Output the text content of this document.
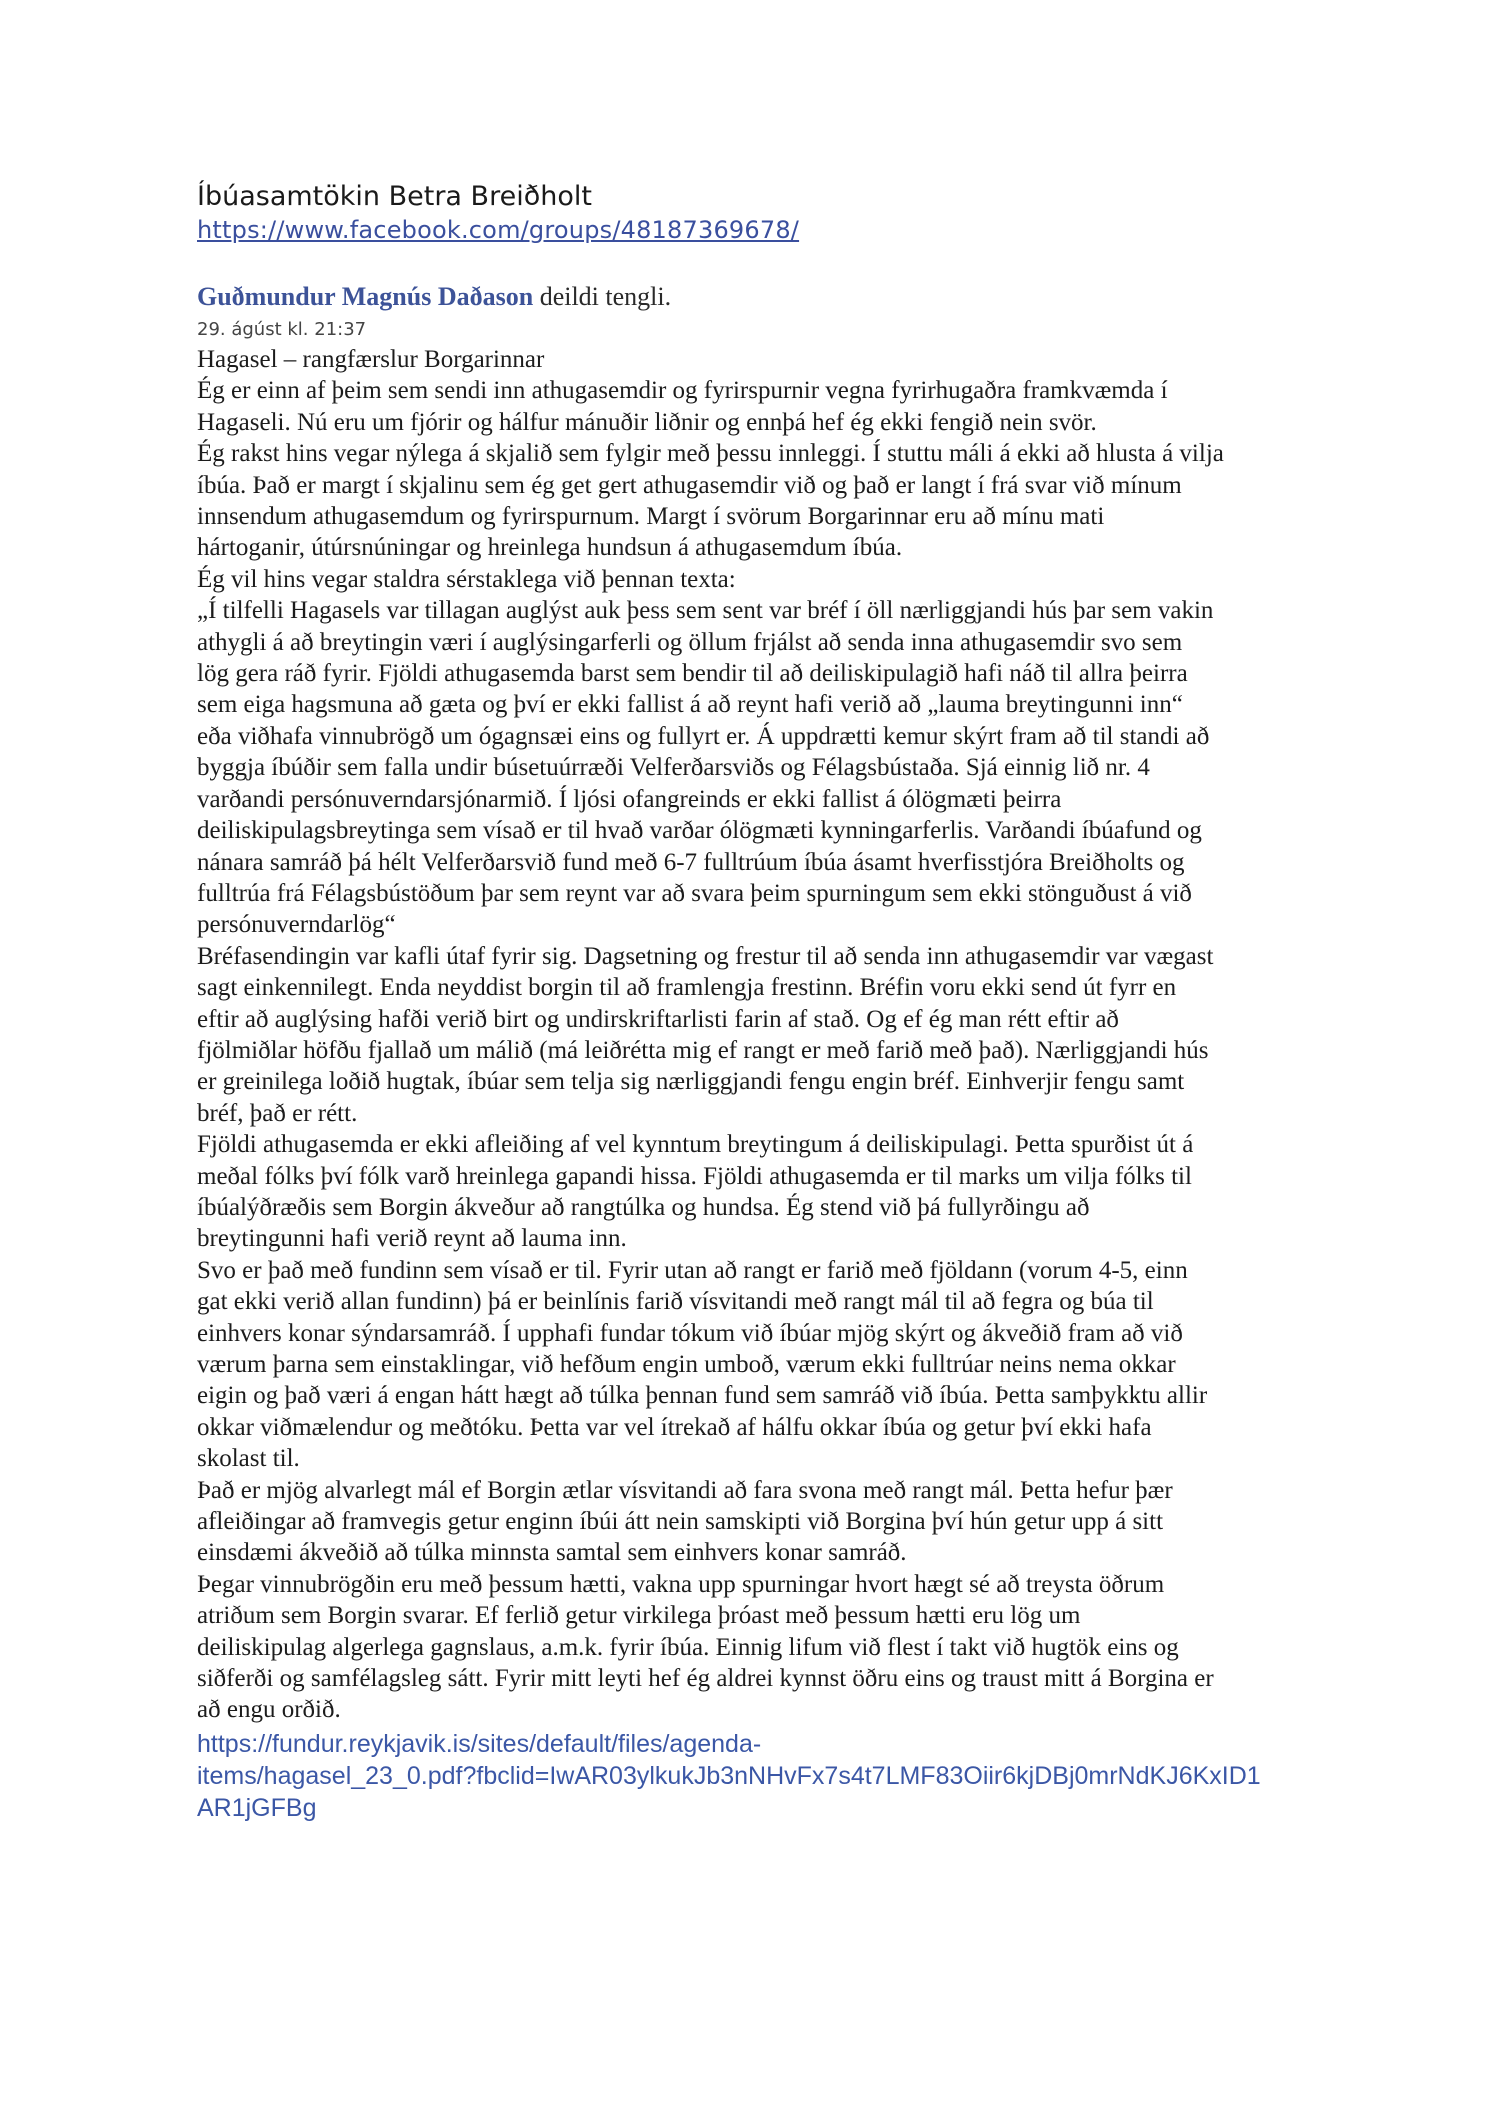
Íbúasamtökin Betra Breiðholt
https://www.facebook.com/groups/48187369678/

Guðmundur Magnús Daðason deildi tengli.

29. ágúst kl. 21:37
Hagasel – rangfærslur Borgarinnar
Ég er einn af þeim sem sendi inn athugasemdir og fyrirspurnir vegna fyrirhugaðra framkvæmda í
Hagaseli. Nú eru um fjórir og hálfur mánuðir liðnir og ennþá hef ég ekki fengið nein svör.
Ég rakst hins vegar nýlega á skjalið sem fylgir með þessu innleggi. Í stuttu máli á ekki að hlusta á vilja
íbúa. Það er margt í skjalinu sem ég get gert athugasemdir við og það er langt í frá svar við mínum
innsendum athugasemdum og fyrirspurnum. Margt í svörum Borgarinnar eru að mínu mati
hártoganir, útúrsnúningar og hreinlega hundsun á athugasemdum íbúa.
Ég vil hins vegar staldra sérstaklega við þennan texta:
„Í tilfelli Hagasels var tillagan auglýst auk þess sem sent var bréf í öll nærliggjandi hús þar sem vakin
athygli á að breytingin væri í auglýsingarferli og öllum frjálst að senda inna athugasemdir svo sem
lög gera ráð fyrir. Fjöldi athugasemda barst sem bendir til að deiliskipulagið hafi náð til allra þeirra
sem eiga hagsmuna að gæta og því er ekki fallist á að reynt hafi verið að „lauma breytingunni inn“
eða viðhafa vinnubrögð um ógagnsæi eins og fullyrt er. Á uppdrætti kemur skýrt fram að til standi að
byggja íbúðir sem falla undir búsetuúrræði Velferðarsviðs og Félagsbústaða. Sjá einnig lið nr. 4
varðandi persónuverndarsjónarmið. Í ljósi ofangreinds er ekki fallist á ólögmæti þeirra
deiliskipulagsbreytinga sem vísað er til hvað varðar ólögmæti kynningarferlis. Varðandi íbúafund og
nánara samráð þá hélt Velferðarsvið fund með 6-7 fulltrúum íbúa ásamt hverfisstjóra Breiðholts og
fulltrúa frá Félagsbústöðum þar sem reynt var að svara þeim spurningum sem ekki stönguðust á við
persónuverndarlög“
Bréfasendingin var kafli útaf fyrir sig. Dagsetning og frestur til að senda inn athugasemdir var vægast
sagt einkennilegt. Enda neyddist borgin til að framlengja frestinn. Bréfin voru ekki send út fyrr en
eftir að auglýsing hafði verið birt og undirskriftarlisti farin af stað. Og ef ég man rétt eftir að
fjölmiðlar höfðu fjallað um málið (má leiðrétta mig ef rangt er með farið með það). Nærliggjandi hús
er greinilega loðið hugtak, íbúar sem telja sig nærliggjandi fengu engin bréf. Einhverjir fengu samt
bréf, það er rétt.
Fjöldi athugasemda er ekki afleiðing af vel kynntum breytingum á deiliskipulagi. Þetta spurðist út á
meðal fólks því fólk varð hreinlega gapandi hissa. Fjöldi athugasemda er til marks um vilja fólks til
íbúalýðræðis sem Borgin ákveður að rangtúlka og hundsa. Ég stend við þá fullyrðingu að
breytingunni hafi verið reynt að lauma inn.
Svo er það með fundinn sem vísað er til. Fyrir utan að rangt er farið með fjöldann (vorum 4-5, einn
gat ekki verið allan fundinn) þá er beinlínis farið vísvitandi með rangt mál til að fegra og búa til
einhvers konar sýndarsamráð. Í upphafi fundar tókum við íbúar mjög skýrt og ákveðið fram að við
værum þarna sem einstaklingar, við hefðum engin umboð, værum ekki fulltrúar neins nema okkar
eigin og það væri á engan hátt hægt að túlka þennan fund sem samráð við íbúa. Þetta samþykktu allir
okkar viðmælendur og meðtóku. Þetta var vel ítrekað af hálfu okkar íbúa og getur því ekki hafa
skolast til.
Það er mjög alvarlegt mál ef Borgin ætlar vísvitandi að fara svona með rangt mál. Þetta hefur þær
afleiðingar að framvegis getur enginn íbúi átt nein samskipti við Borgina því hún getur upp á sitt
einsdæmi ákveðið að túlka minnsta samtal sem einhvers konar samráð.
Þegar vinnubrögðin eru með þessum hætti, vakna upp spurningar hvort hægt sé að treysta öðrum
atriðum sem Borgin svarar. Ef ferlið getur virkilega þróast með þessum hætti eru lög um
deiliskipulag algerlega gagnslaus, a.m.k. fyrir íbúa. Einnig lifum við flest í takt við hugtök eins og
siðferði og samfélagsleg sátt. Fyrir mitt leyti hef ég aldrei kynnst öðru eins og traust mitt á Borgina er
að engu orðið.
https://fundur.reykjavik.is/sites/default/files/agenda-
items/hagasel_23_0.pdf?fbclid=IwAR03ylkukJb3nNHvFx7s4t7LMF83Oiir6kjDBj0mrNdKJ6KxID1
AR1jGFBg
